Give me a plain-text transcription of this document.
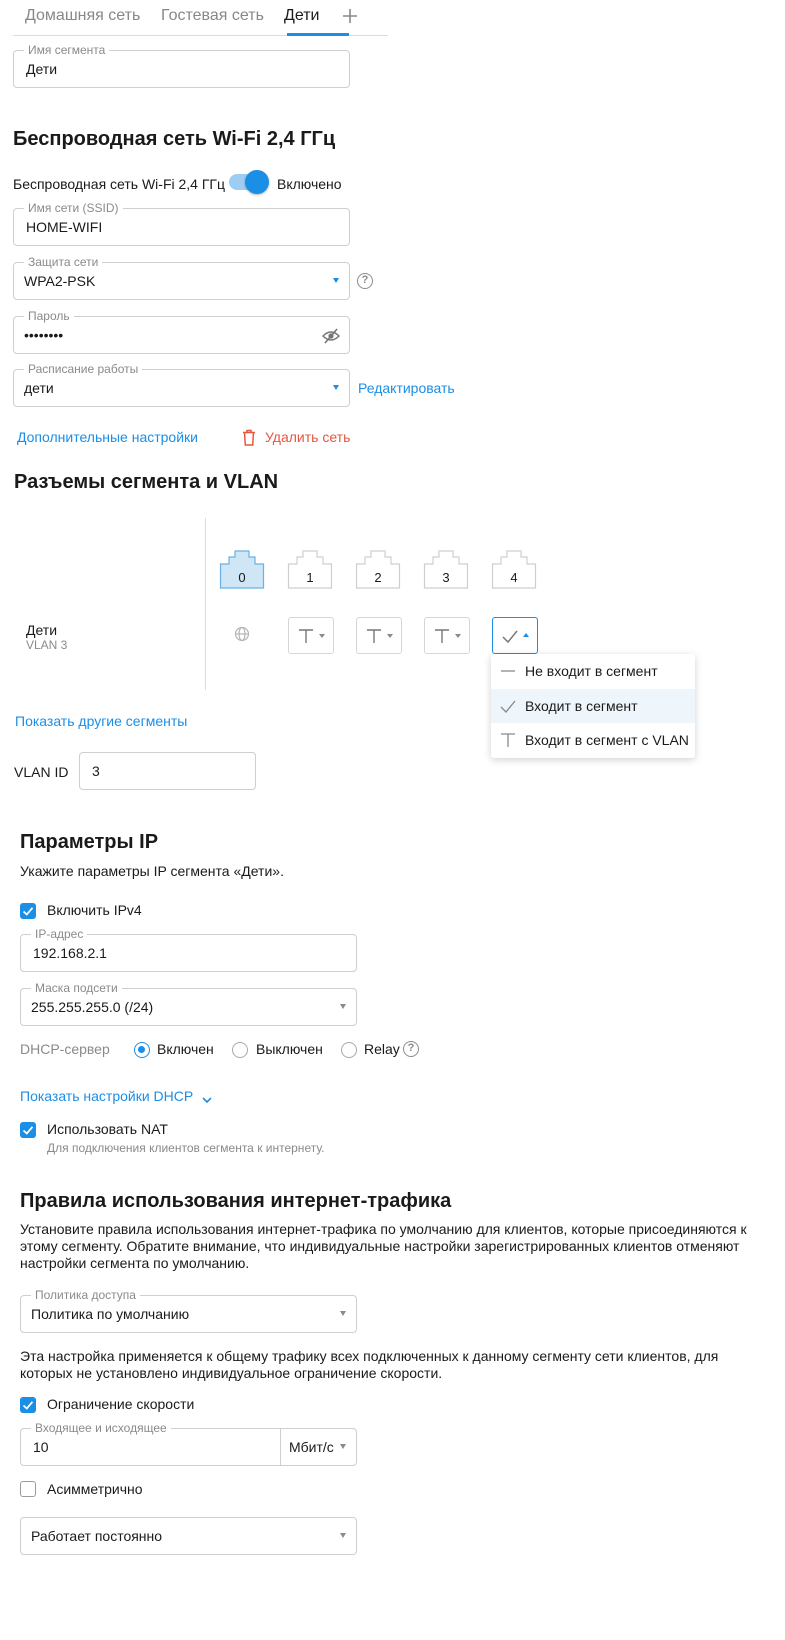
Домашняя сеть Гостевая сеть Дети
Имя сегмента
Дети
Беспроводная сеть Wi-Fi 2,4 ГГц
Беспроводная сеть Wi-Fi 2,4 ГГц	Включено
Имя сети (SSID)
HOME-WIFI
Защита сети
WPA2-PSK	?
Пароль
••••••••
Расписание работы
дети	Редактировать
Дополнительные настройки	Удалить сеть
Разъемы сегмента и VLAN
0	1	2	3	4
Дети
VLAN 3
Не входит в сегмент
Входит в сегмент
Входит в сегмент с VLAN
Показать другие сегменты
VLAN ID 3
Параметры IP
Укажите параметры IP сегмента «Дети».
Включить IPv4
IP-адрес
192.168.2.1
Маска подсети
255.255.255.0 (/24)
DHCP-сервер	Включен	Выключен	Relay ?
Показать настройки DHCP
Использовать NAT
Для подключения клиентов сегмента к интернету.
Правила использования интернет-трафика
Установите правила использования интернет-трафика по умолчанию для клиентов, которые присоединяются к этому сегменту. Обратите внимание, что индивидуальные настройки зарегистрированных клиентов отменяют настройки сегмента по умолчанию.
Политика доступа
Политика по умолчанию
Эта настройка применяется к общему трафику всех подключенных к данному сегменту сети клиентов, для которых не установлено индивидуальное ограничение скорости.
Ограничение скорости
Входящее и исходящее
10	Мбит/с
Асимметрично
Работает постоянно
